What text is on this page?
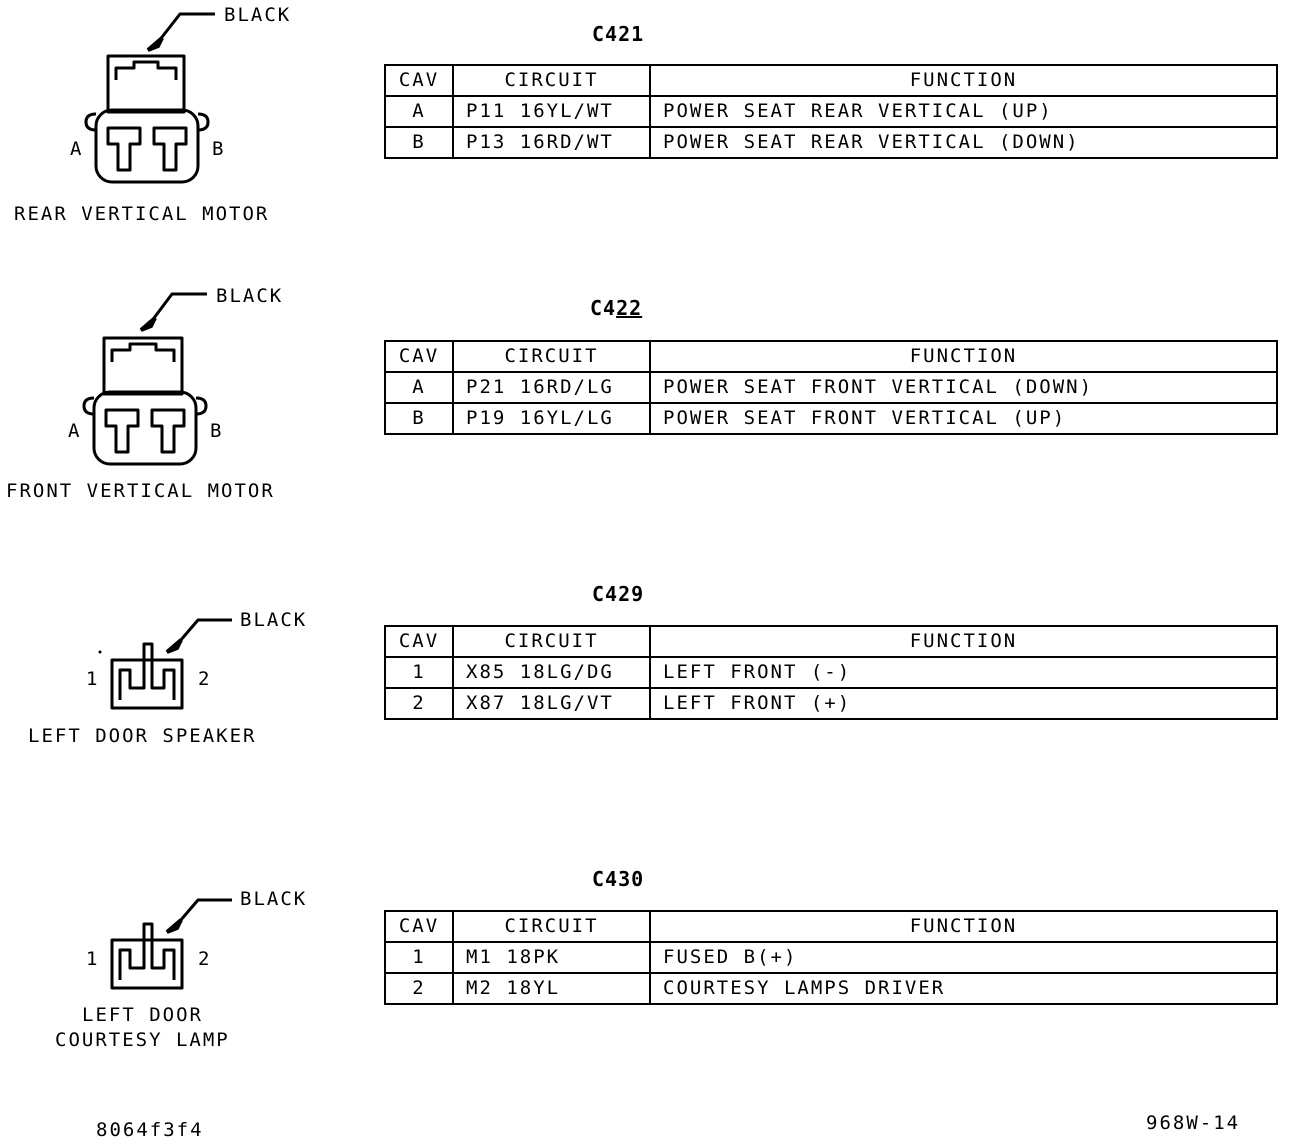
BLACK
A	B
REAR VERTICAL MOTOR
C421
CAV	CIRCUIT	FUNCTION
A	P11 16YL/WT	POWER SEAT REAR VERTICAL (UP)
B	P13 16RD/WT	POWER SEAT REAR VERTICAL (DOWN)
BLACK
A	B
FRONT VERTICAL MOTOR
C422
CAV	CIRCUIT	FUNCTION
A	P21 16RD/LG	POWER SEAT FRONT VERTICAL (DOWN)
B	P19 16YL/LG	POWER SEAT FRONT VERTICAL (UP)
BLACK
1	2
LEFT DOOR SPEAKER
C429
CAV	CIRCUIT	FUNCTION
1	X85 18LG/DG	LEFT FRONT (-)
2	X87 18LG/VT	LEFT FRONT (+)
BLACK
1	2
LEFT DOOR
COURTESY LAMP
C430
CAV	CIRCUIT	FUNCTION
1	M1 18PK	FUSED B(+)
2	M2 18YL	COURTESY LAMPS DRIVER
8064f3f4	968W-14
